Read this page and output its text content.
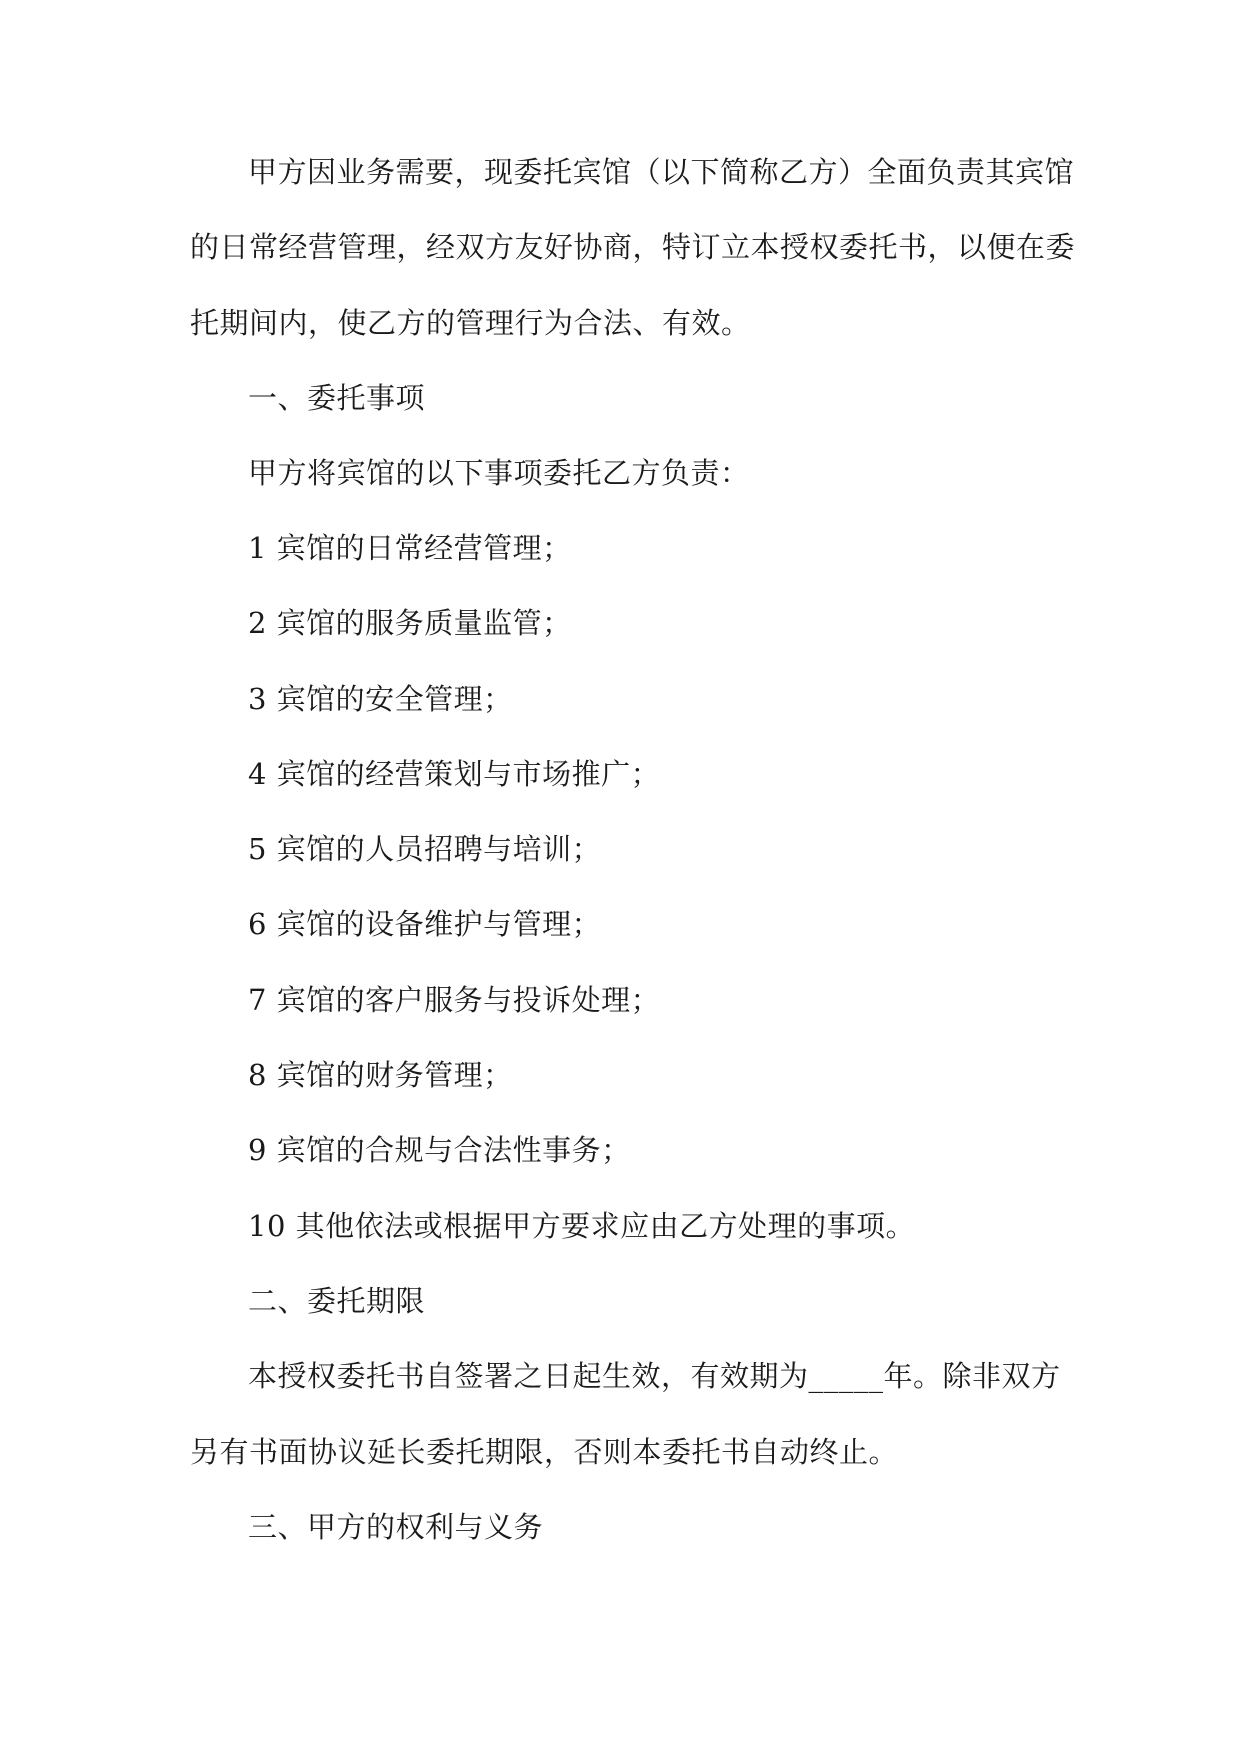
甲方因业务需要，现委托宾馆（以下简称乙方）全面负责其宾馆

的日常经营管理，经双方友好协商，特订立本授权委托书，以便在委

托期间内，使乙方的管理行为合法、有效。

一、委托事项

甲方将宾馆的以下事项委托乙方负责：

1 宾馆的日常经营管理；

2 宾馆的服务质量监管；

3 宾馆的安全管理；

4 宾馆的经营策划与市场推广；

5 宾馆的人员招聘与培训；

6 宾馆的设备维护与管理；

7 宾馆的客户服务与投诉处理；

8 宾馆的财务管理；

9 宾馆的合规与合法性事务；

10 其他依法或根据甲方要求应由乙方处理的事项。

二、委托期限

本授权委托书自签署之日起生效，有效期为_____年。除非双方

另有书面协议延长委托期限，否则本委托书自动终止。

三、甲方的权利与义务
